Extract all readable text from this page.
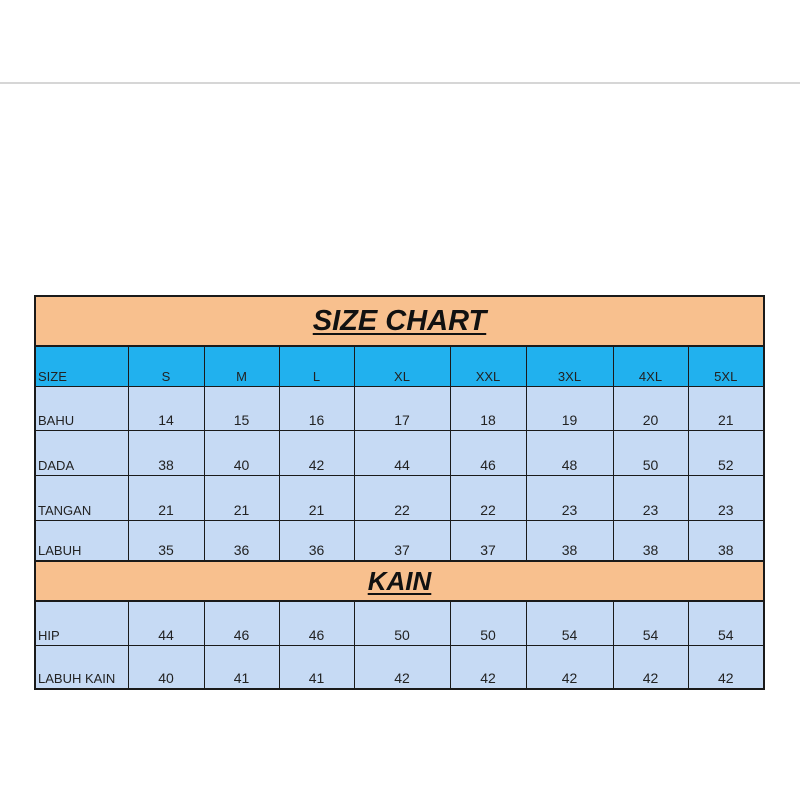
SIZE CHART
SIZE	S	M	L	XL	XXL	3XL	4XL	5XL
BAHU	14	15	16	17	18	19	20	21
DADA	38	40	42	44	46	48	50	52
TANGAN	21	21	21	22	22	23	23	23
LABUH	35	36	36	37	37	38	38	38
KAIN
HIP	44	46	46	50	50	54	54	54
LABUH KAIN	40	41	41	42	42	42	42	42
